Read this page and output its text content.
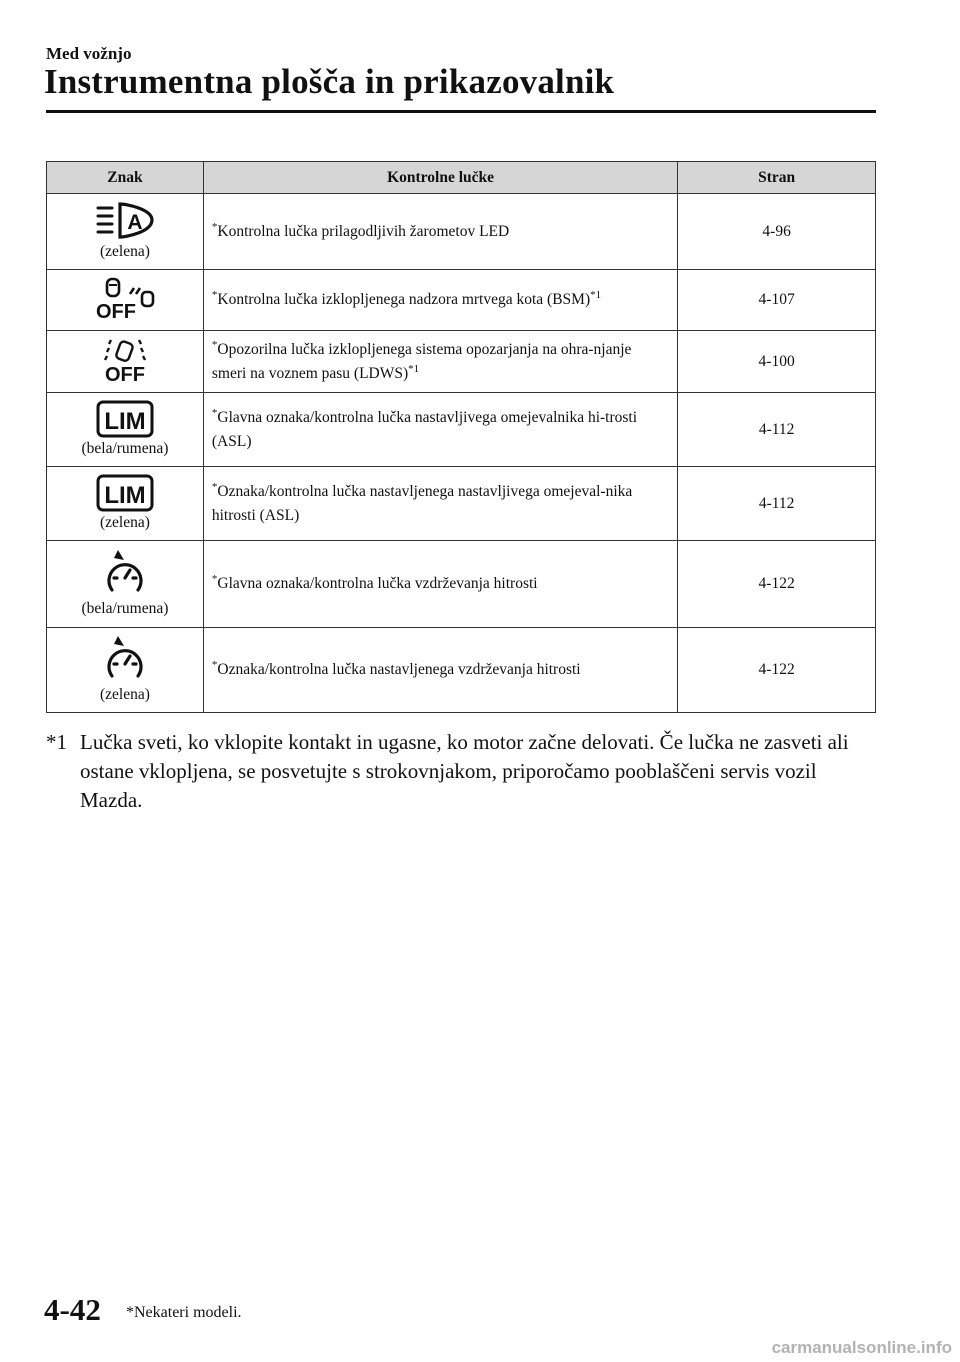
Med vožnjo
Instrumentna plošča in prikazovalnik
Znak	Kontrolne lučke	Stran

A
(zelena)	*Kontrolna lučka prilagodljivih žarometov LED	4-96

OFF	*Kontrolna lučka izklopljenega nadzora mrtvega kota (BSM)$^{*1}$	4-107

OFF	*Opozorilna lučka izklopljenega sistema opozarjanja na ohra-njanje smeri na voznem pasu (LDWS)$^{*1}$	4-100

LIM
(bela/rumena)	*Glavna oznaka/kontrolna lučka nastavljivega omejevalnika hi-trosti (ASL)	4-112

LIM
(zelena)	*Oznaka/kontrolna lučka nastavljenega nastavljivega omejeval-nika hitrosti (ASL)	4-112

(bela/rumena)	*Glavna oznaka/kontrolna lučka vzdrževanja hitrosti	4-122

(zelena)	*Oznaka/kontrolna lučka nastavljenega vzdrževanja hitrosti	4-122
*1 Lučka sveti, ko vklopite kontakt in ugasne, ko motor začne delovati. Če lučka ne zasveti ali ostane vklopljena, se posvetujte s strokovnjakom, priporočamo pooblaščeni servis vozil Mazda.
4-42 *Nekateri modeli.
carmanualsonline.info
